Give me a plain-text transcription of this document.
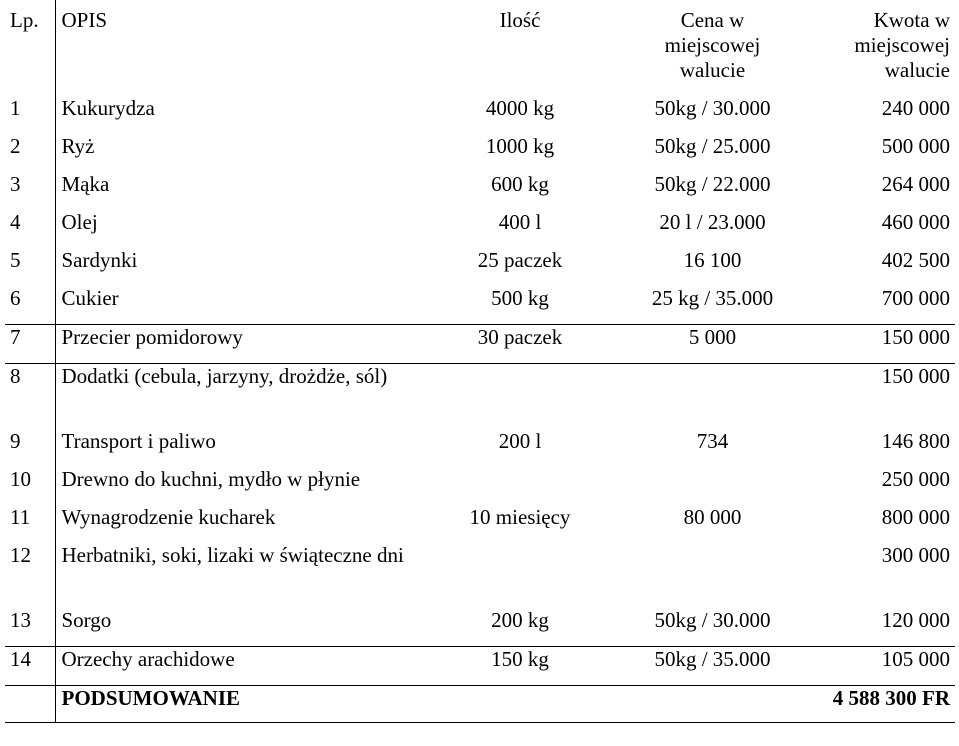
Lp.	OPIS	Ilość	Cena w miejscowej walucie	Kwota w miejscowej walucie

1	Kukurydza	4000 kg	50kg / 30.000	240 000
2	Ryż	1000 kg	50kg / 25.000	500 000
3	Mąka	600 kg	50kg / 22.000	264 000
4	Olej	400 l	20 l / 23.000	460 000
5	Sardynki	25 paczek	16 100	402 500
6	Cukier	500 kg	25 kg / 35.000	700 000
7	Przecier pomidorowy	30 paczek	5 000	150 000
8	Dodatki (cebula, jarzyny, drożdże, sól)			150 000
9	Transport i paliwo	200 l	734	146 800
10	Drewno do kuchni, mydło w płynie			250 000
11	Wynagrodzenie kucharek	10 miesięcy	80 000	800 000
12	Herbatniki, soki, lizaki w świąteczne dni			300 000
13	Sorgo	200 kg	50kg / 30.000	120 000
14	Orzechy arachidowe	150 kg	50kg / 35.000	105 000
	PODSUMOWANIE			4 588 300 FR
